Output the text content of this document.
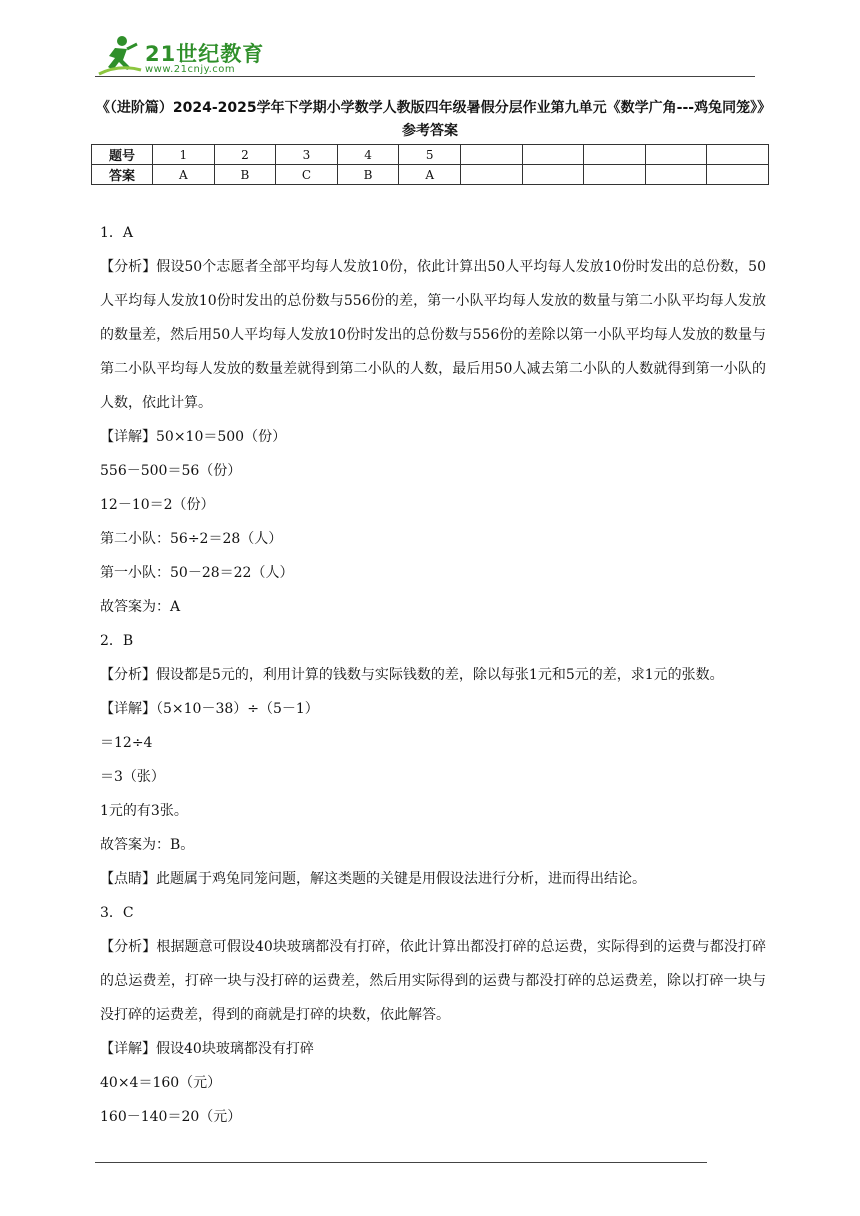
21世纪教育
www.21cnjy.com
《（进阶篇）2024-2025学年下学期小学数学人教版四年级暑假分层作业第九单元《数学广角---鸡兔同笼》》参考答案
题号	1	2	3	4	5					
答案	A	B	C	B	A					
1．A
【分析】假设50个志愿者全部平均每人发放10份，依此计算出50人平均每人发放10份时发出的总份数，50人平均每人发放10份时发出的总份数与556份的差，第一小队平均每人发放的数量与第二小队平均每人发放的数量差，然后用50人平均每人发放10份时发出的总份数与556份的差除以第一小队平均每人发放的数量与第二小队平均每人发放的数量差就得到第二小队的人数，最后用50人减去第二小队的人数就得到第一小队的人数，依此计算。
【详解】50×10＝500（份）
556－500＝56（份）
12－10＝2（份）
第二小队：56÷2＝28（人）
第一小队：50－28＝22（人）
故答案为：A
2．B
【分析】假设都是5元的，利用计算的钱数与实际钱数的差，除以每张1元和5元的差，求1元的张数。
【详解】（5×10－38）÷（5－1）
＝12÷4
＝3（张）
1元的有3张。
故答案为：B。
【点睛】此题属于鸡兔同笼问题，解这类题的关键是用假设法进行分析，进而得出结论。
3．C
【分析】根据题意可假设40块玻璃都没有打碎，依此计算出都没打碎的总运费，实际得到的运费与都没打碎的总运费差，打碎一块与没打碎的运费差，然后用实际得到的运费与都没打碎的总运费差，除以打碎一块与没打碎的运费差，得到的商就是打碎的块数，依此解答。
【详解】假设40块玻璃都没有打碎
40×4＝160（元）
160－140＝20（元）
